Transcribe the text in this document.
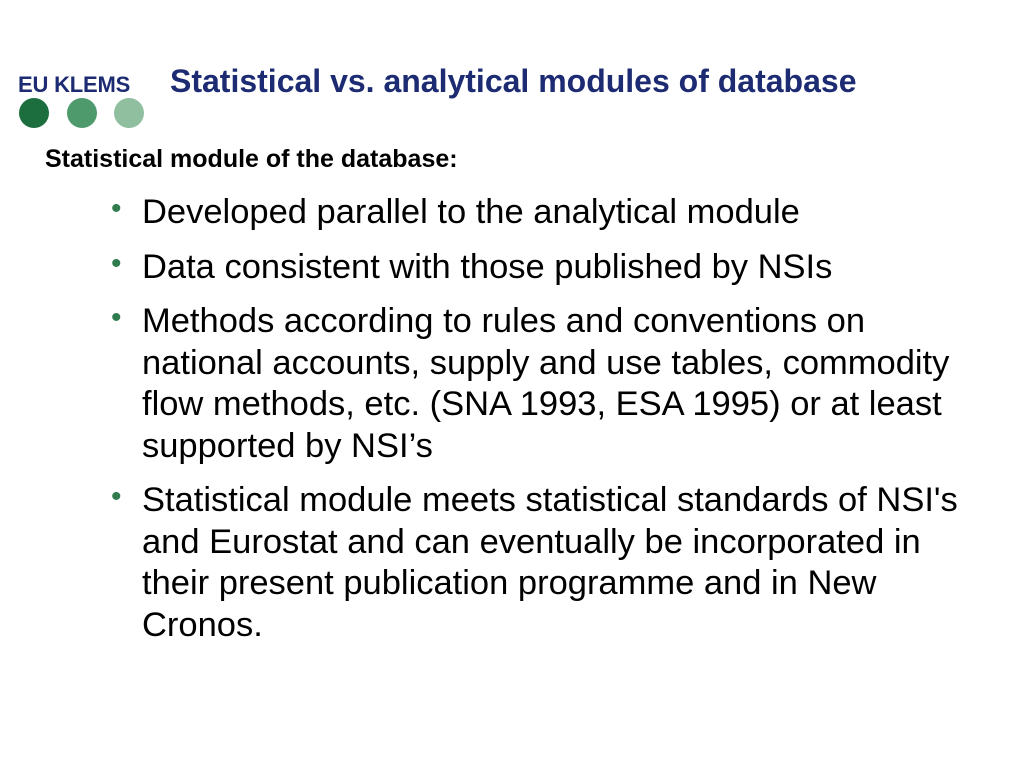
EU KLEMS Statistical vs. analytical modules of database
Statistical module of the database:
• Developed parallel to the analytical module
• Data consistent with those published by NSIs
• Methods according to rules and conventions on national accounts, supply and use tables, commodity flow methods, etc. (SNA 1993, ESA 1995) or at least supported by NSI’s
• Statistical module meets statistical standards of NSI's and Eurostat and can eventually be incorporated in their present publication programme and in New Cronos.
